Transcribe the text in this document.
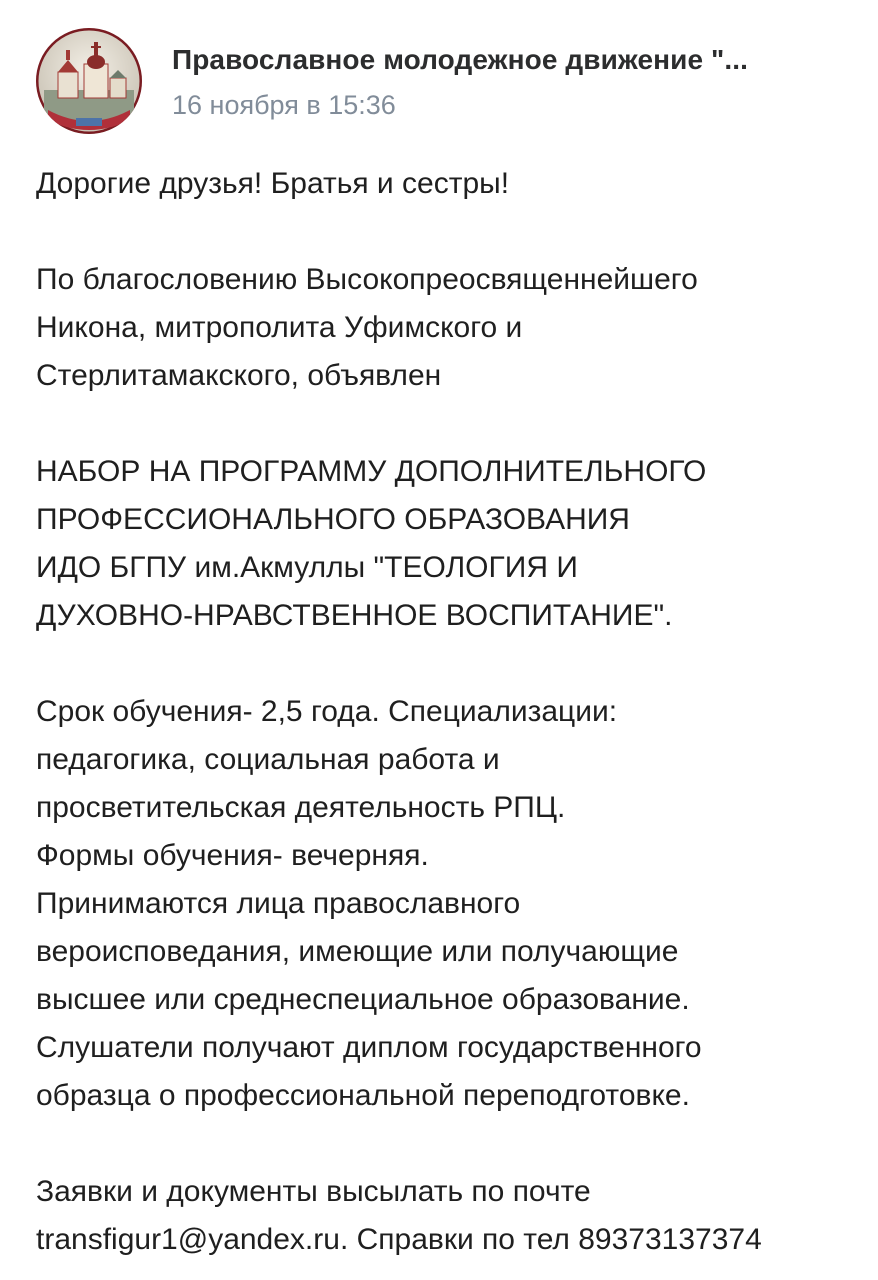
Православное молодежное движение "...
16 ноября в 15:36
Дорогие друзья! Братья и сестры!
По благословению Высокопреосвященнейшего
Никона, митрополита Уфимского и
Стерлитамакского, объявлен
НАБОР НА ПРОГРАММУ ДОПОЛНИТЕЛЬНОГО
ПРОФЕССИОНАЛЬНОГО ОБРАЗОВАНИЯ
ИДО БГПУ им.Акмуллы "ТЕОЛОГИЯ И
ДУХОВНО-НРАВСТВЕННОЕ ВОСПИТАНИЕ".
Срок обучения- 2,5 года. Специализации:
педагогика, социальная работа и
просветительская деятельность РПЦ.
Формы обучения- вечерняя.
Принимаются лица православного
вероисповедания, имеющие или получающие
высшее или среднеспециальное образование.
Слушатели получают диплом государственного
образца о профессиональной переподготовке.
Заявки и документы высылать по почте
transfigur1@yandex.ru. Справки по тел 89373137374
